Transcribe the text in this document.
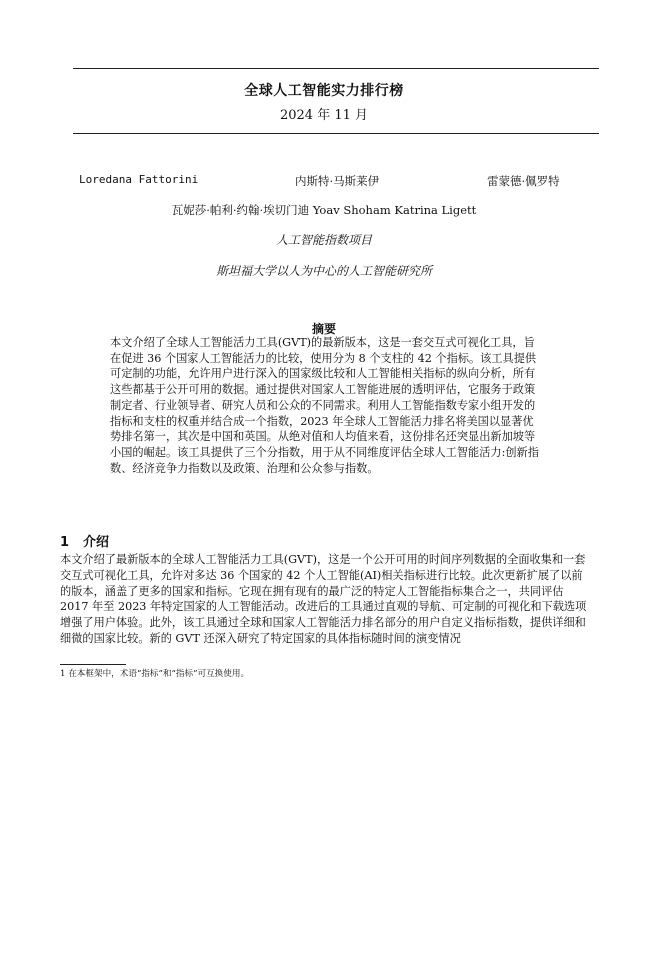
全球人工智能实力排行榜
2024 年 11 月
Loredana Fattorini	内斯特·马斯莱伊	雷蒙德·佩罗特
瓦妮莎·帕利·约翰·埃切门迪 Yoav Shoham Katrina Ligett
人工智能指数项目
斯坦福大学以人为中心的人工智能研究所
摘要
本文介绍了全球人工智能活力工具(GVT)的最新版本，这是一套交互式可视化工具，旨在促进 36 个国家人工智能活力的比较，使用分为 8 个支柱的 42 个指标。该工具提供可定制的功能，允许用户进行深入的国家级比较和人工智能相关指标的纵向分析，所有这些都基于公开可用的数据。通过提供对国家人工智能进展的透明评估，它服务于政策制定者、行业领导者、研究人员和公众的不同需求。利用人工智能指数专家小组开发的指标和支柱的权重并结合成一个指数，2023 年全球人工智能活力排名将美国以显著优势排名第一，其次是中国和英国。从绝对值和人均值来看，这份排名还突显出新加坡等小国的崛起。该工具提供了三个分指数，用于从不同维度评估全球人工智能活力:创新指数、经济竞争力指数以及政策、治理和公众参与指数。
1 介绍
本文介绍了最新版本的全球人工智能活力工具(GVT)，这是一个公开可用的时间序列数据的全面收集和一套交互式可视化工具，允许对多达 36 个国家的 42 个人工智能(AI)相关指标进行比较。此次更新扩展了以前的版本，涵盖了更多的国家和指标。它现在拥有现有的最广泛的特定人工智能指标集合之一，共同评估 2017 年至 2023 年特定国家的人工智能活动。改进后的工具通过直观的导航、可定制的可视化和下载选项增强了用户体验。此外，该工具通过全球和国家人工智能活力排名部分的用户自定义指标指数，提供详细和细微的国家比较。新的 GVT 还深入研究了特定国家的具体指标随时间的演变情况
1 在本框架中，术语“指标”和“指标”可互换使用。
